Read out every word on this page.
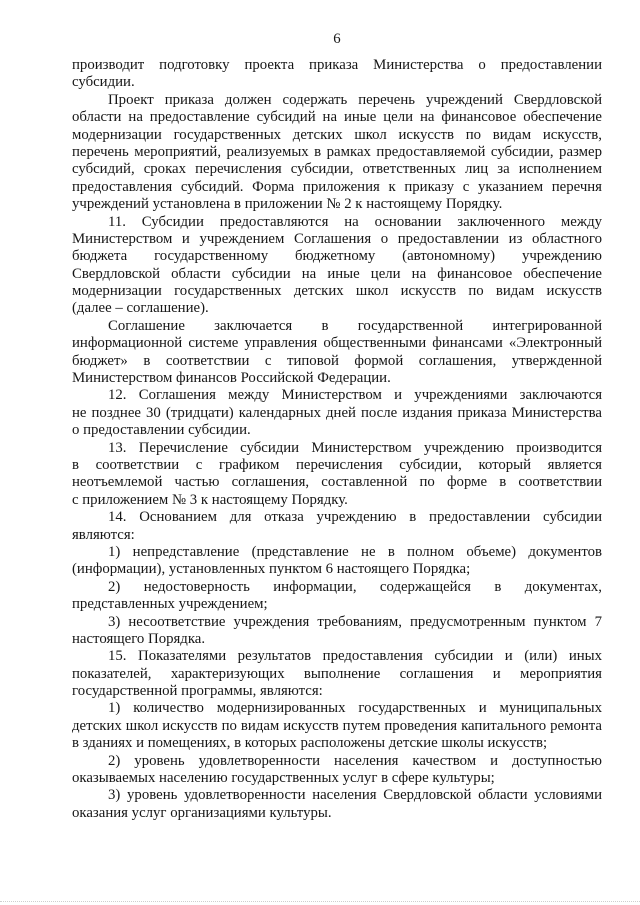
6
производит подготовку проекта приказа Министерства о предоставлении
субсидии.
Проект приказа должен содержать перечень учреждений Свердловской
области на предоставление субсидий на иные цели на финансовое обеспечение
модернизации государственных детских школ искусств по видам искусств,
перечень мероприятий, реализуемых в рамках предоставляемой субсидии, размер
субсидий, сроках перечисления субсидии, ответственных лиц за исполнением
предоставления субсидий. Форма приложения к приказу с указанием перечня
учреждений установлена в приложении № 2 к настоящему Порядку.
11. Субсидии предоставляются на основании заключенного между
Министерством и учреждением Соглашения о предоставлении из областного
бюджета государственному бюджетному (автономному) учреждению
Свердловской области субсидии на иные цели на финансовое обеспечение
модернизации государственных детских школ искусств по видам искусств
(далее – соглашение).
Соглашение заключается в государственной интегрированной
информационной системе управления общественными финансами «Электронный
бюджет» в соответствии с типовой формой соглашения, утвержденной
Министерством финансов Российской Федерации.
12. Соглашения между Министерством и учреждениями заключаются
не позднее 30 (тридцати) календарных дней после издания приказа Министерства
о предоставлении субсидии.
13. Перечисление субсидии Министерством учреждению производится
в соответствии с графиком перечисления субсидии, который является
неотъемлемой частью соглашения, составленной по форме в соответствии
с приложением № 3 к настоящему Порядку.
14. Основанием для отказа учреждению в предоставлении субсидии
являются:
1) непредставление (представление не в полном объеме) документов
(информации), установленных пунктом 6 настоящего Порядка;
2) недостоверность информации, содержащейся в документах,
представленных учреждением;
3) несоответствие учреждения требованиям, предусмотренным пунктом 7
настоящего Порядка.
15. Показателями результатов предоставления субсидии и (или) иных
показателей, характеризующих выполнение соглашения и мероприятия
государственной программы, являются:
1) количество модернизированных государственных и муниципальных
детских школ искусств по видам искусств путем проведения капитального ремонта
в зданиях и помещениях, в которых расположены детские школы искусств;
2) уровень удовлетворенности населения качеством и доступностью
оказываемых населению государственных услуг в сфере культуры;
3) уровень удовлетворенности населения Свердловской области условиями
оказания услуг организациями культуры.
